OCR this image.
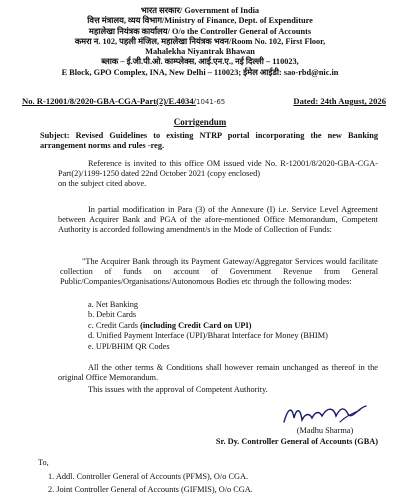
भारत सरकार/ Government of India
वित्त मंत्रालय, व्यय विभाग/Ministry of Finance, Dept. of Expenditure
महालेखा नियंत्रक कार्यालय/ O/o the Controller General of Accounts
कमरा न. 102, पहली मंजिल, महालेखा नियंत्रक भवन/Room No. 102, First Floor,
Mahalekha Niyantrak Bhawan
ब्लाक – ई.जी.पी.ओ. काम्प्लेक्स, आई.एन.ए., नई दिल्ली – 110023,
E Block, GPO Complex, INA, New Delhi – 110023; ईमेल आईडी: sao-rbd@nic.in
No. R-12001/8/2020-GBA-CGA-Part(2)/E.4034/1041-65	Dated: 24th August, 2026
Corrigendum
Subject: Revised Guidelines to existing NTRP portal incorporating the new Banking arrangement norms and rules -reg.
Reference is invited to this office OM issued vide No. R-12001/8/2020-GBA-CGA-Part(2)/1199-1250 dated 22nd October 2021 (copy enclosed)
on the subject cited above.
In partial modification in Para (3) of the Annexure (I) i.e. Service Level Agreement between Acquirer Bank and PGA of the afore-mentioned Office Memorandum, Competent Authority is accorded following amendment/s in the Mode of Collection of Funds:
"The Acquirer Bank through its Payment Gateway/Aggregator Services would facilitate collection of funds on account of Government Revenue from General Public/Companies/Organisations/Autonomous Bodies etc through the following modes:
a. Net Banking
b. Debit Cards
c. Credit Cards (including Credit Card on UPI)
d. Unified Payment Interface (UPI)/Bharat Interface for Money (BHIM)
e. UPI/BHIM QR Codes
All the other terms & Conditions shall however remain unchanged as thereof in the original Office Memorandum.
This issues with the approval of Competent Authority.
(Madhu Sharma)
Sr. Dy. Controller General of Accounts (GBA)
To,
1. Addl. Controller General of Accounts (PFMS), O/o CGA.
2. Joint Controller General of Accounts (GIFMIS), O/o CGA.
